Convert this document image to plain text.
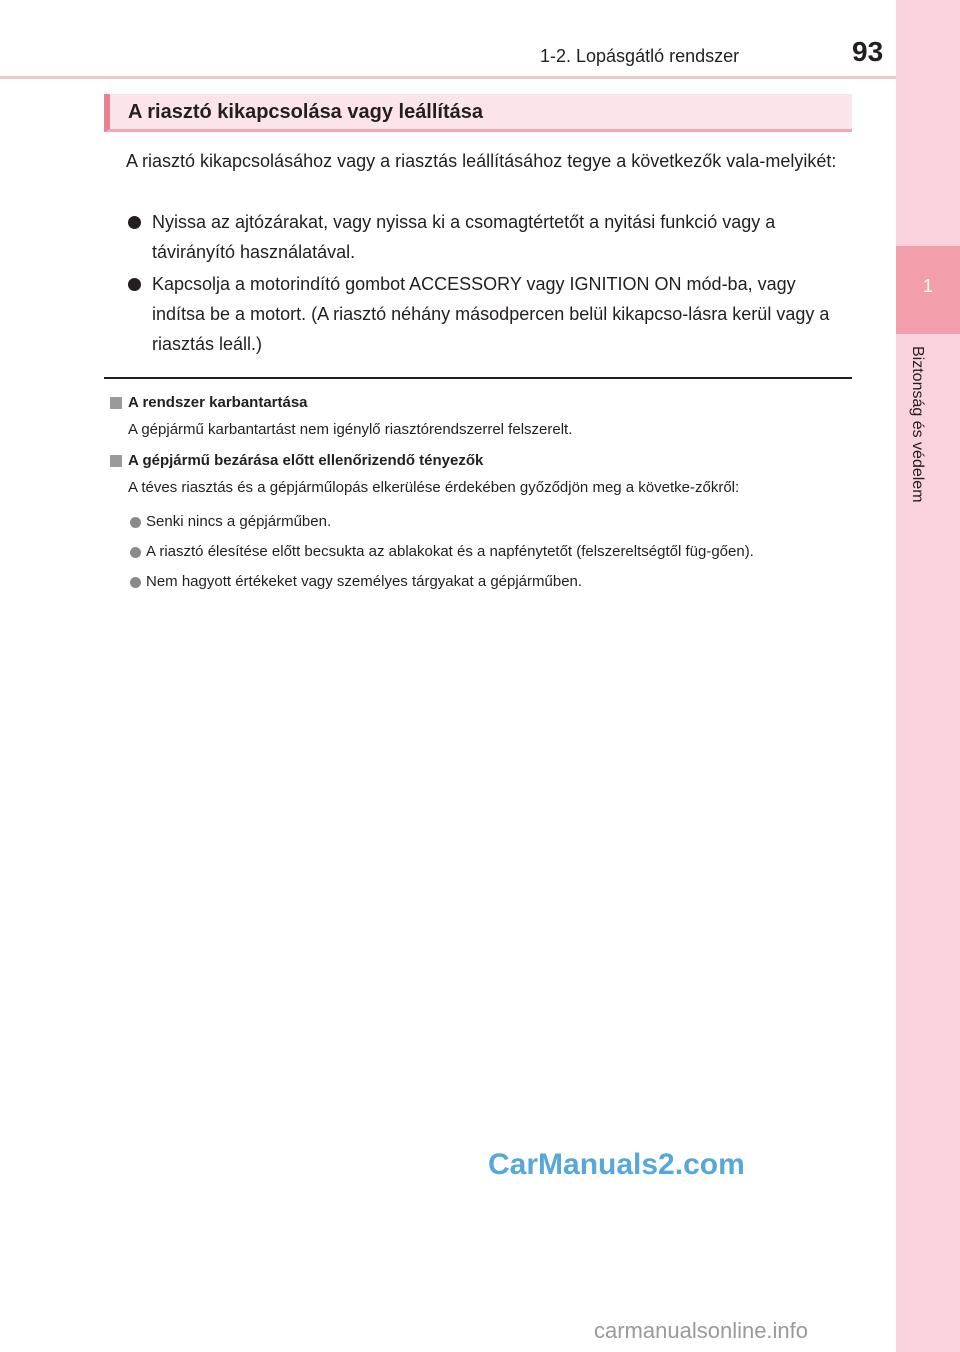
1-2. Lopásgátló rendszer	93
1
Biztonság és védelem
A riasztó kikapcsolása vagy leállítása
A riasztó kikapcsolásához vagy a riasztás leállításához tegye a következők vala-melyikét:
Nyissa az ajtózárakat, vagy nyissa ki a csomagtértetőt a nyitási funkció vagy a távirányító használatával.
Kapcsolja a motorindító gombot ACCESSORY vagy IGNITION ON mód-ba, vagy indítsa be a motort. (A riasztó néhány másodpercen belül kikapcso-lásra kerül vagy a riasztás leáll.)
A rendszer karbantartása
A gépjármű karbantartást nem igénylő riasztórendszerrel felszerelt.
A gépjármű bezárása előtt ellenőrizendő tényezők
A téves riasztás és a gépjárműlopás elkerülése érdekében győződjön meg a követke-zőkről:
Senki nincs a gépjárműben.
A riasztó élesítése előtt becsukta az ablakokat és a napfénytetőt (felszereltségtől füg-gően).
Nem hagyott értékeket vagy személyes tárgyakat a gépjárműben.
CarManuals2.com
carmanualsonline.info
